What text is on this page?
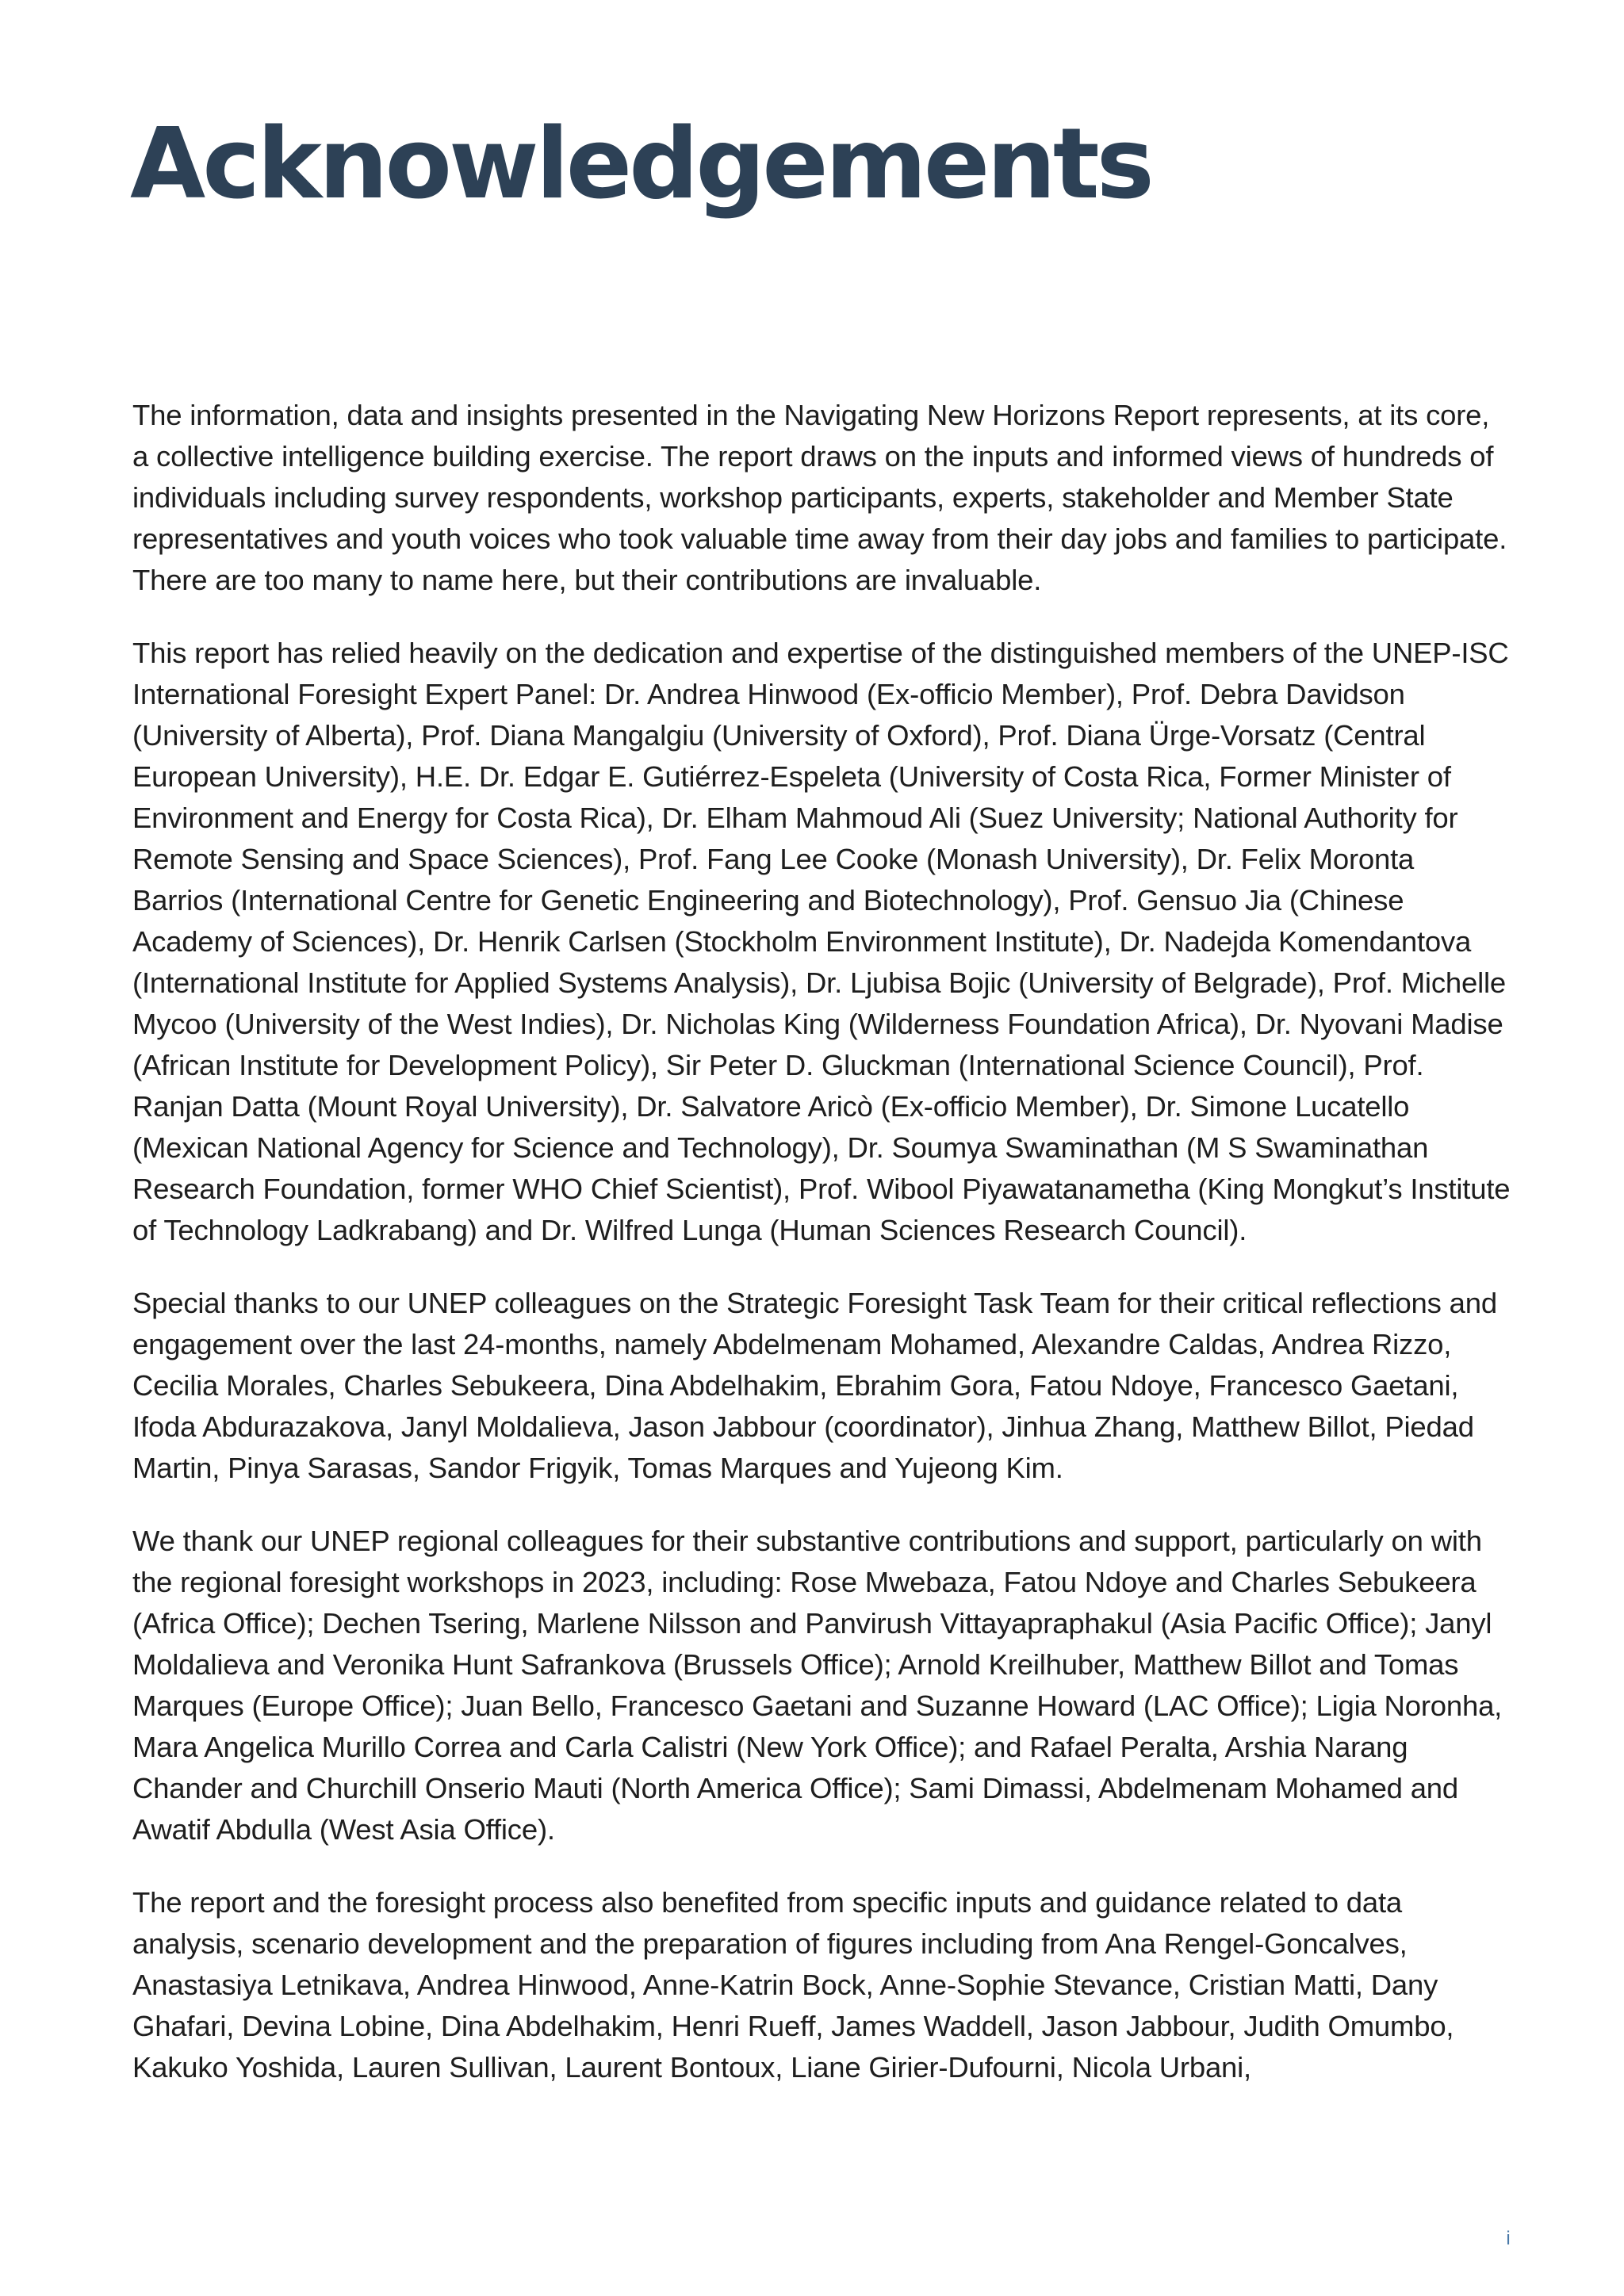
Acknowledgements

The information, data and insights presented in the Navigating New Horizons Report represents, at its core, a collective intelligence building exercise. The report draws on the inputs and informed views of hundreds of individuals including survey respondents, workshop participants, experts, stakeholder and Member State representatives and youth voices who took valuable time away from their day jobs and families to participate. There are too many to name here, but their contributions are invaluable.

This report has relied heavily on the dedication and expertise of the distinguished members of the UNEP-ISC International Foresight Expert Panel: Dr. Andrea Hinwood (Ex-officio Member), Prof. Debra Davidson (University of Alberta), Prof. Diana Mangalgiu (University of Oxford), Prof. Diana Ürge-Vorsatz (Central European University), H.E. Dr. Edgar E. Gutiérrez-Espeleta (University of Costa Rica, Former Minister of Environment and Energy for Costa Rica), Dr. Elham Mahmoud Ali (Suez University; National Authority for Remote Sensing and Space Sciences), Prof. Fang Lee Cooke (Monash University), Dr. Felix Moronta Barrios (International Centre for Genetic Engineering and Biotechnology), Prof. Gensuo Jia (Chinese Academy of Sciences), Dr. Henrik Carlsen (Stockholm Environment Institute), Dr. Nadejda Komendantova (International Institute for Applied Systems Analysis), Dr. Ljubisa Bojic (University of Belgrade), Prof. Michelle Mycoo (University of the West Indies), Dr. Nicholas King (Wilderness Foundation Africa), Dr. Nyovani Madise (African Institute for Development Policy), Sir Peter D. Gluckman (International Science Council), Prof. Ranjan Datta (Mount Royal University), Dr. Salvatore Aricò (Ex-officio Member), Dr. Simone Lucatello (Mexican National Agency for Science and Technology), Dr. Soumya Swaminathan (M S Swaminathan Research Foundation, former WHO Chief Scientist), Prof. Wibool Piyawatanametha (King Mongkut’s Institute of Technology Ladkrabang) and Dr. Wilfred Lunga (Human Sciences Research Council).

Special thanks to our UNEP colleagues on the Strategic Foresight Task Team for their critical reflections and engagement over the last 24-months, namely Abdelmenam Mohamed, Alexandre Caldas, Andrea Rizzo, Cecilia Morales, Charles Sebukeera, Dina Abdelhakim, Ebrahim Gora, Fatou Ndoye, Francesco Gaetani, Ifoda Abdurazakova, Janyl Moldalieva, Jason Jabbour (coordinator), Jinhua Zhang, Matthew Billot, Piedad Martin, Pinya Sarasas, Sandor Frigyik, Tomas Marques and Yujeong Kim.

We thank our UNEP regional colleagues for their substantive contributions and support, particularly on with the regional foresight workshops in 2023, including: Rose Mwebaza, Fatou Ndoye and Charles Sebukeera (Africa Office); Dechen Tsering, Marlene Nilsson and Panvirush Vittayapraphakul (Asia Pacific Office); Janyl Moldalieva and Veronika Hunt Safrankova (Brussels Office); Arnold Kreilhuber, Matthew Billot and Tomas Marques (Europe Office); Juan Bello, Francesco Gaetani and Suzanne Howard (LAC Office); Ligia Noronha, Mara Angelica Murillo Correa and Carla Calistri (New York Office); and Rafael Peralta, Arshia Narang Chander and Churchill Onserio Mauti (North America Office); Sami Dimassi, Abdelmenam Mohamed and Awatif Abdulla (West Asia Office).

The report and the foresight process also benefited from specific inputs and guidance related to data analysis, scenario development and the preparation of figures including from Ana Rengel-Goncalves, Anastasiya Letnikava, Andrea Hinwood, Anne-Katrin Bock, Anne-Sophie Stevance, Cristian Matti, Dany Ghafari, Devina Lobine, Dina Abdelhakim, Henri Rueff, James Waddell, Jason Jabbour, Judith Omumbo, Kakuko Yoshida, Lauren Sullivan, Laurent Bontoux, Liane Girier-Dufourni, Nicola Urbani,

i
